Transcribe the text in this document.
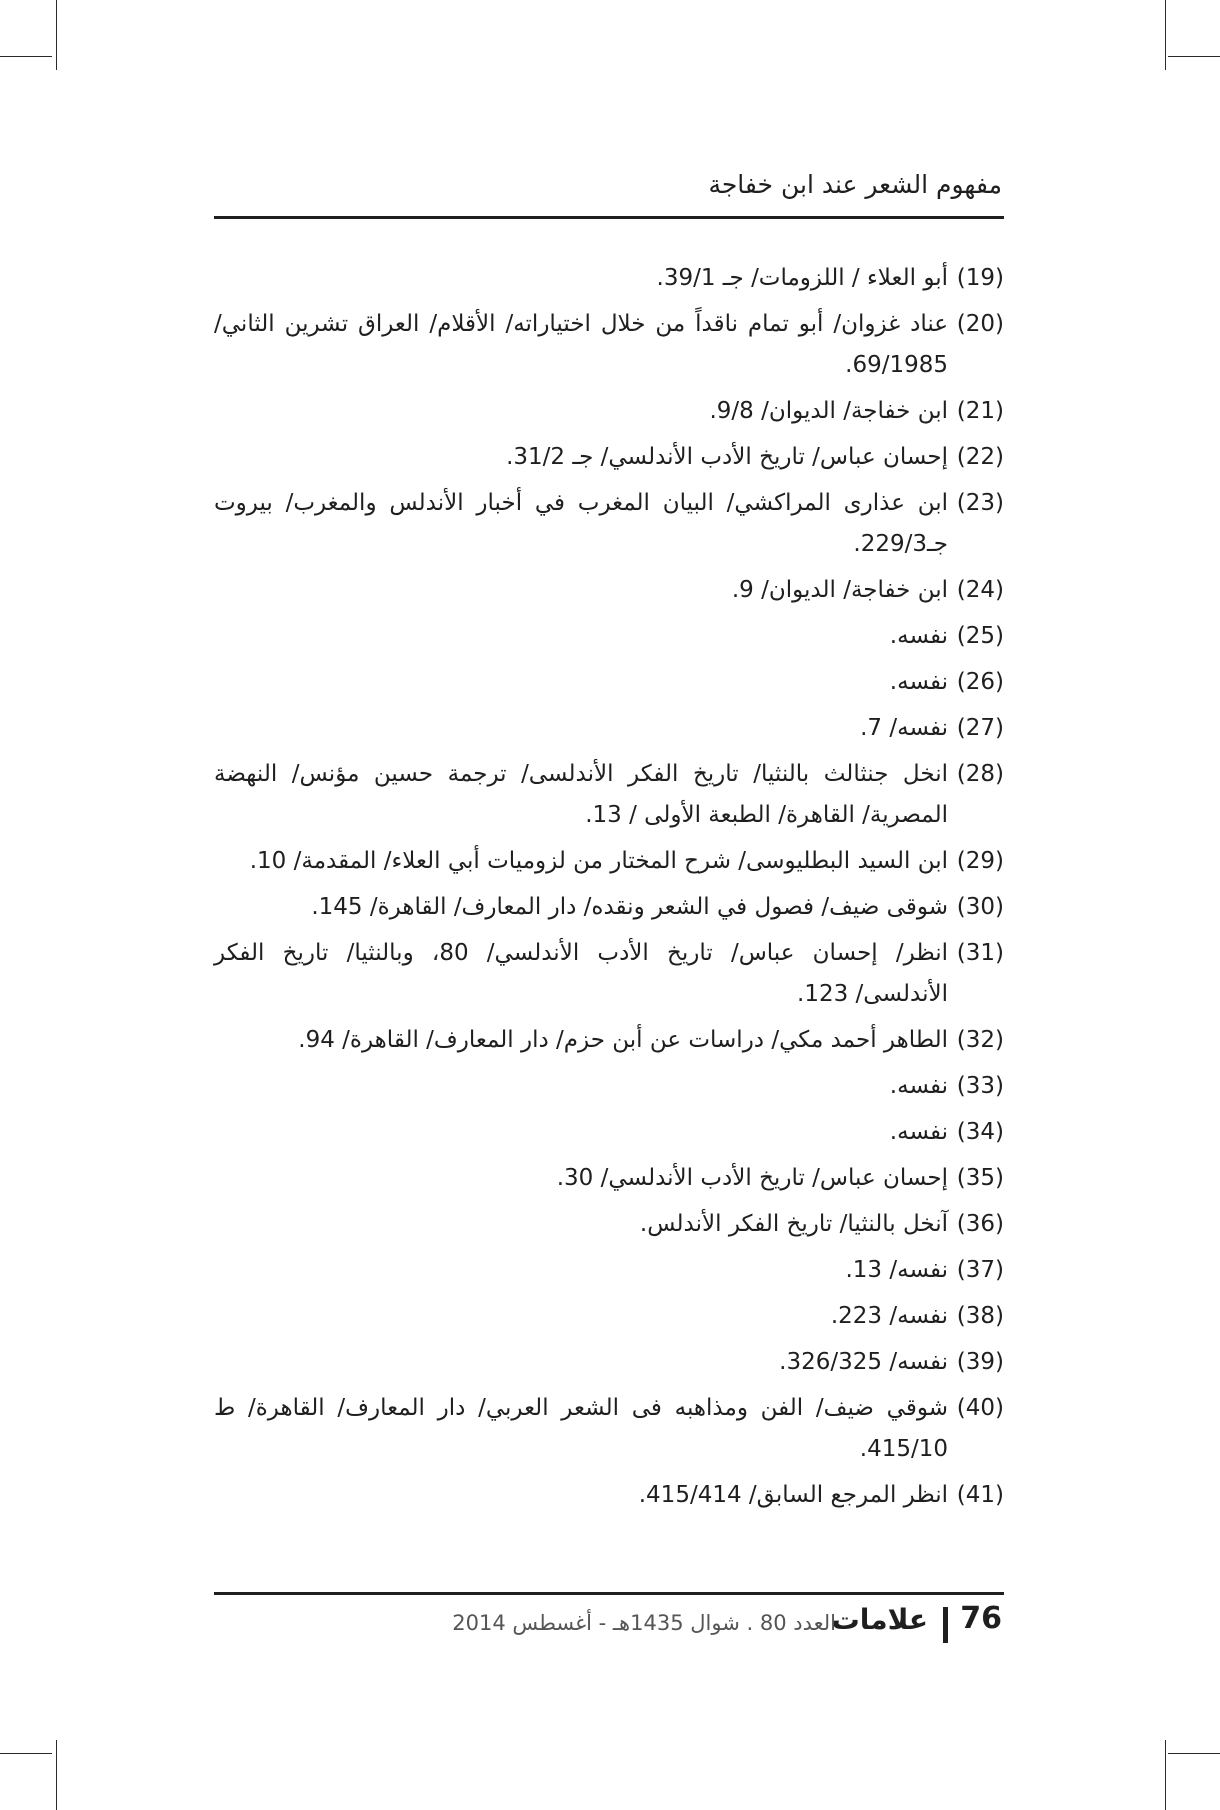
مفهوم الشعر عند ابن خفاجة
(19)
أبو العلاء / اللزومات/ جـ 39/1.
(20)
عناد غزوان/ أبو تمام ناقداً من خلال اختياراته/ الأقلام/ العراق تشرين الثاني/ 69/1985.
(21)
ابن خفاجة/ الديوان/ 9/8.
(22)
إحسان عباس/ تاريخ الأدب الأندلسي/ جـ 31/2.
(23)
ابن عذارى المراكشي/ البيان المغرب في أخبار الأندلس والمغرب/ بيروت جـ229/3.
(24)
ابن خفاجة/ الديوان/ 9.
(25)
نفسه.
(26)
نفسه.
(27)
نفسه/ 7.
(28)
انخل جنثالث بالنثيا/ تاريخ الفكر الأندلسى/ ترجمة حسين مؤنس/ النهضة المصرية/ القاهرة/ الطبعة الأولى / 13.
(29)
ابن السيد البطليوسى/ شرح المختار من لزوميات أبي العلاء/ المقدمة/ 10.
(30)
شوقى ضيف/ فصول في الشعر ونقده/ دار المعارف/ القاهرة/ 145.
(31)
انظر/ إحسان عباس/ تاريخ الأدب الأندلسي/ 80، وبالنثيا/ تاريخ الفكر الأندلسى/ 123.
(32)
الطاهر أحمد مكي/ دراسات عن أبن حزم/ دار المعارف/ القاهرة/ 94.
(33)
نفسه.
(34)
نفسه.
(35)
إحسان عباس/ تاريخ الأدب الأندلسي/ 30.
(36)
آنخل بالنثيا/ تاريخ الفكر الأندلس.
(37)
نفسه/ 13.
(38)
نفسه/ 223.
(39)
نفسه/ 326/325.
(40)
شوقي ضيف/ الفن ومذاهبه فى الشعر العربي/ دار المعارف/ القاهرة/ ط 415/10.
(41)
انظر المرجع السابق/ 415/414.
76
علامات
العدد 80 . شوال 1435هـ - أغسطس 2014
